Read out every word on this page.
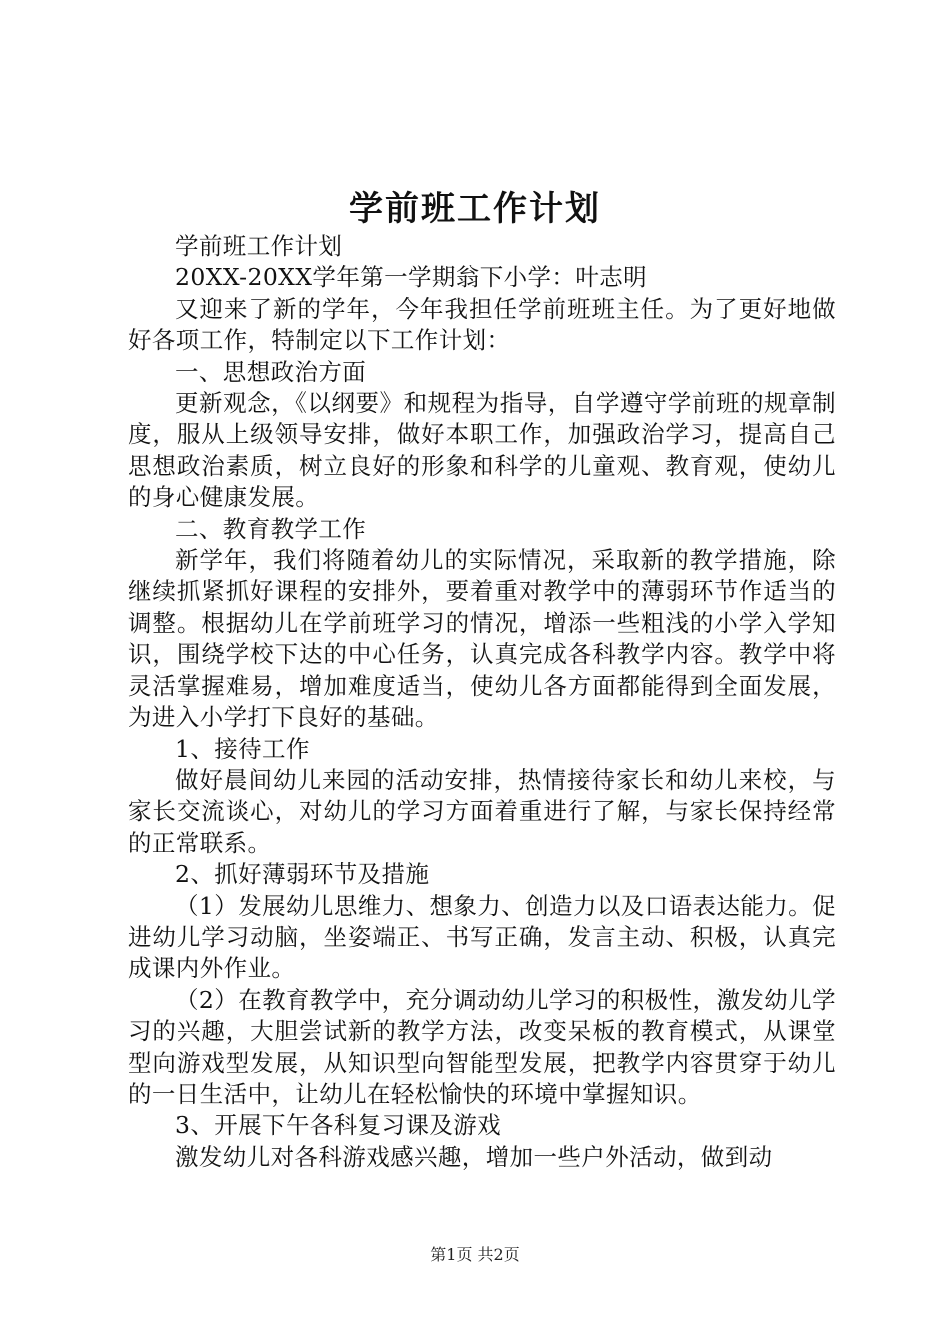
学前班工作计划

学前班工作计划

20XX-20XX学年第一学期翁下小学：叶志明

又迎来了新的学年，今年我担任学前班班主任。为了更好地做好各项工作，特制定以下工作计划：

一、思想政治方面

更新观念，《以纲要》和规程为指导，自学遵守学前班的规章制度，服从上级领导安排，做好本职工作，加强政治学习，提高自己思想政治素质，树立良好的形象和科学的儿童观、教育观，使幼儿的身心健康发展。

二、教育教学工作

新学年，我们将随着幼儿的实际情况，采取新的教学措施，除继续抓紧抓好课程的安排外，要着重对教学中的薄弱环节作适当的调整。根据幼儿在学前班学习的情况，增添一些粗浅的小学入学知识，围绕学校下达的中心任务，认真完成各科教学内容。教学中将灵活掌握难易，增加难度适当，使幼儿各方面都能得到全面发展，为进入小学打下良好的基础。

1、接待工作

做好晨间幼儿来园的活动安排，热情接待家长和幼儿来校，与家长交流谈心，对幼儿的学习方面着重进行了解，与家长保持经常的正常联系。

2、抓好薄弱环节及措施

（1）发展幼儿思维力、想象力、创造力以及口语表达能力。促进幼儿学习动脑，坐姿端正、书写正确，发言主动、积极，认真完成课内外作业。

（2）在教育教学中，充分调动幼儿学习的积极性，激发幼儿学习的兴趣，大胆尝试新的教学方法，改变呆板的教育模式，从课堂型向游戏型发展，从知识型向智能型发展，把教学内容贯穿于幼儿的一日生活中，让幼儿在轻松愉快的环境中掌握知识。

3、开展下午各科复习课及游戏

激发幼儿对各科游戏感兴趣，增加一些户外活动，做到动

第1页 共2页
